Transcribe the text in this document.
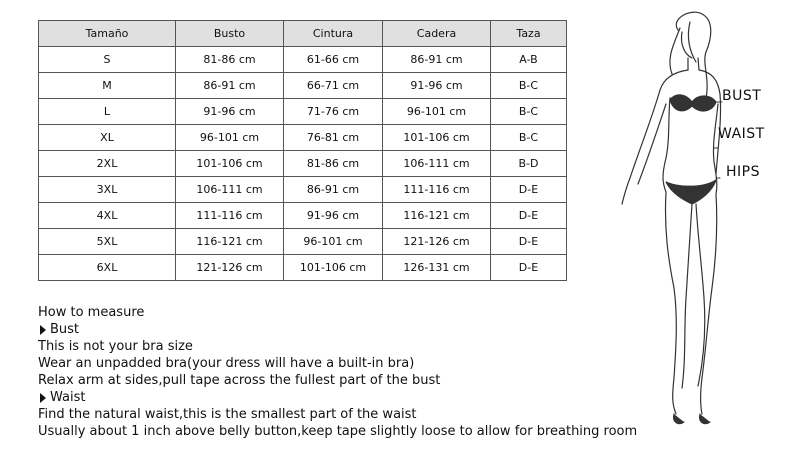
Tamaño	Busto	Cintura	Cadera	Taza
S	81-86 cm	61-66 cm	86-91 cm	A-B
M	86-91 cm	66-71 cm	91-96 cm	B-C
L	91-96 cm	71-76 cm	96-101 cm	B-C
XL	96-101 cm	76-81 cm	101-106 cm	B-C
2XL	101-106 cm	81-86 cm	106-111 cm	B-D
3XL	106-111 cm	86-91 cm	111-116 cm	D-E
4XL	111-116 cm	91-96 cm	116-121 cm	D-E
5XL	116-121 cm	96-101 cm	121-126 cm	D-E
6XL	121-126 cm	101-106 cm	126-131 cm	D-E
How to measure
Bust
This is not your bra size
Wear an unpadded bra(your dress will have a built-in bra)
Relax arm at sides,pull tape across the fullest part of the bust
Waist
Find the natural waist,this is the smallest part of the waist
Usually about 1 inch above belly button,keep tape slightly loose to allow for breathing room
BUST
WAIST
HIPS
